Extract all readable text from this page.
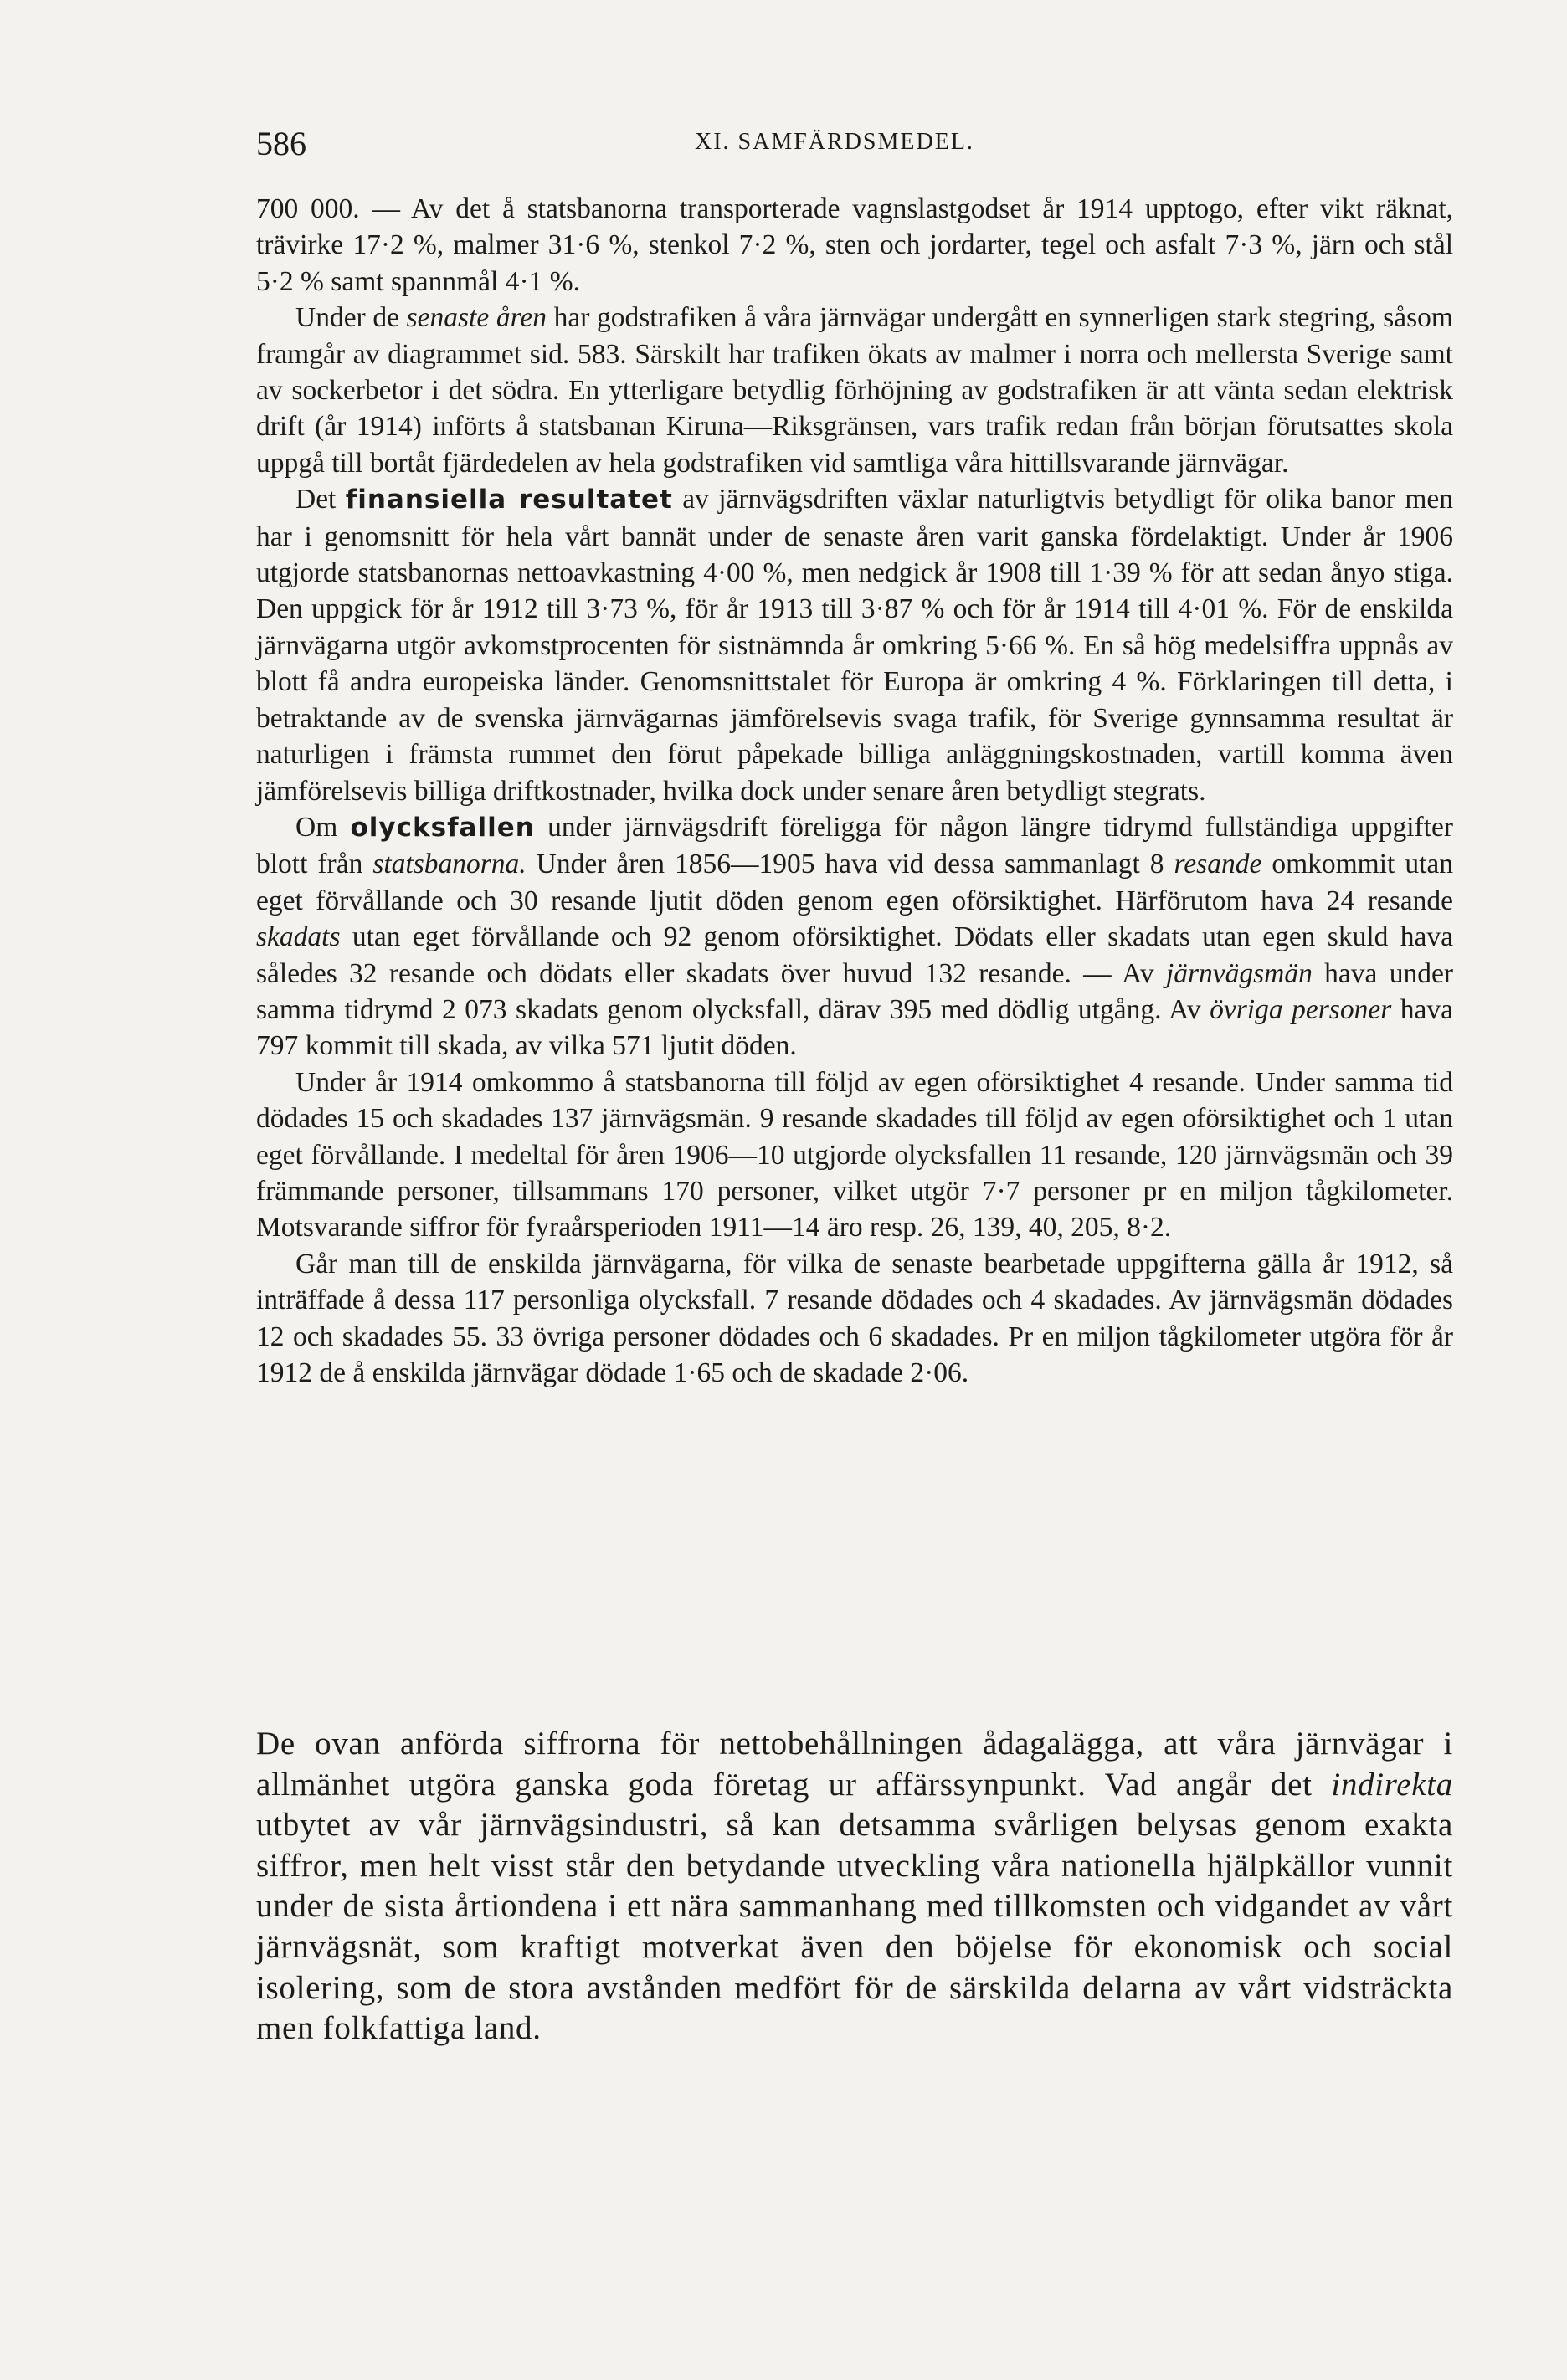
586	XI. SAMFÄRDSMEDEL.

700 000. — Av det å statsbanorna transporterade vagnslastgodset år 1914 upptogo, efter vikt räknat, trävirke 17·2 %, malmer 31·6 %, stenkol 7·2 %, sten och jordarter, tegel och asfalt 7·3 %, järn och stål 5·2 % samt spannmål 4·1 %.

Under de senaste åren har godstrafiken å våra järnvägar undergått en synnerligen stark stegring, såsom framgår av diagrammet sid. 583. Särskilt har trafiken ökats av malmer i norra och mellersta Sverige samt av sockerbetor i det södra. En ytterligare betydlig förhöjning av godstrafiken är att vänta sedan elektrisk drift (år 1914) införts å statsbanan Kiruna—Riksgränsen, vars trafik redan från början förutsattes skola uppgå till bortåt fjärdedelen av hela godstrafiken vid samtliga våra hittillsvarande järnvägar.

Det finansiella resultatet av järnvägsdriften växlar naturligtvis betydligt för olika banor men har i genomsnitt för hela vårt bannät under de senaste åren varit ganska fördelaktigt. Under år 1906 utgjorde statsbanornas nettoavkastning 4·00 %, men nedgick år 1908 till 1·39 % för att sedan ånyo stiga. Den uppgick för år 1912 till 3·73 %, för år 1913 till 3·87 % och för år 1914 till 4·01 %. För de enskilda järnvägarna utgör avkomstprocenten för sistnämnda år omkring 5·66 %. En så hög medelsiffra uppnås av blott få andra europeiska länder. Genomsnittstalet för Europa är omkring 4 %. Förklaringen till detta, i betraktande av de svenska järnvägarnas jämförelsevis svaga trafik, för Sverige gynnsamma resultat är naturligen i främsta rummet den förut påpekade billiga anläggningskostnaden, vartill komma även jämförelsevis billiga driftkostnader, hvilka dock under senare åren betydligt stegrats.

Om olycksfallen under järnvägsdrift föreligga för någon längre tidrymd fullständiga uppgifter blott från statsbanorna. Under åren 1856—1905 hava vid dessa sammanlagt 8 resande omkommit utan eget förvållande och 30 resande ljutit döden genom egen oförsiktighet. Härförutom hava 24 resande skadats utan eget förvållande och 92 genom oförsiktighet. Dödats eller skadats utan egen skuld hava således 32 resande och dödats eller skadats över huvud 132 resande. — Av järnvägsmän hava under samma tidrymd 2 073 skadats genom olycksfall, därav 395 med dödlig utgång. Av övriga personer hava 797 kommit till skada, av vilka 571 ljutit döden.

Under år 1914 omkommo å statsbanorna till följd av egen oförsiktighet 4 resande. Under samma tid dödades 15 och skadades 137 järnvägsmän. 9 resande skadades till följd av egen oförsiktighet och 1 utan eget förvållande. I medeltal för åren 1906—10 utgjorde olycksfallen 11 resande, 120 järnvägsmän och 39 främmande personer, tillsammans 170 personer, vilket utgör 7·7 personer pr en miljon tågkilometer. Motsvarande siffror för fyraårsperioden 1911—14 äro resp. 26, 139, 40, 205, 8·2.

Går man till de enskilda järnvägarna, för vilka de senaste bearbetade uppgifterna gälla år 1912, så inträffade å dessa 117 personliga olycksfall. 7 resande dödades och 4 skadades. Av järnvägsmän dödades 12 och skadades 55. 33 övriga personer dödades och 6 skadades. Pr en miljon tågkilometer utgöra för år 1912 de å enskilda järnvägar dödade 1·65 och de skadade 2·06.

De ovan anförda siffrorna för nettobehållningen ådagalägga, att våra järnvägar i allmänhet utgöra ganska goda företag ur affärssynpunkt. Vad angår det indirekta utbytet av vår järnvägsindustri, så kan detsamma svårligen belysas genom exakta siffror, men helt visst står den betydande utveckling våra nationella hjälpkällor vunnit under de sista årtiondena i ett nära sammanhang med tillkomsten och vidgandet av vårt järnvägsnät, som kraftigt motverkat även den böjelse för ekonomisk och social isolering, som de stora avstånden medfört för de särskilda delarna av vårt vidsträckta men folkfattiga land.
